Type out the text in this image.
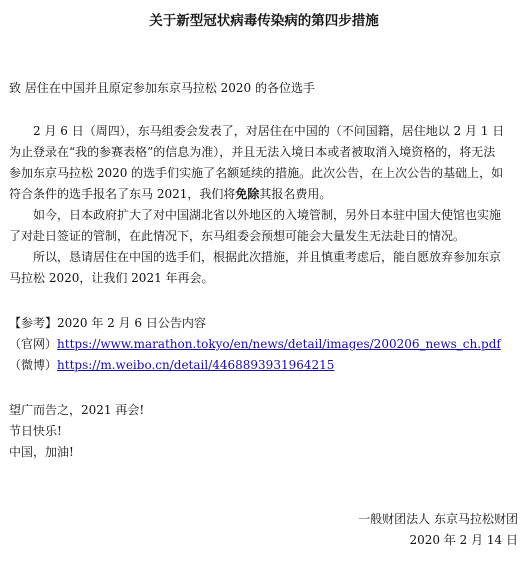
关于新型冠状病毒传染病的第四步措施
致 居住在中国并且原定参加东京马拉松 2020 的各位选手
2 月 6 日（周四），东马组委会发表了，对居住在中国的（不问国籍，居住地以 2 月 1 日
为止登录在“我的参赛表格”的信息为准），并且无法入境日本或者被取消入境资格的，将无法
参加东京马拉松 2020 的选手们实施了名额延续的措施。此次公告，在上次公告的基础上，如
符合条件的选手报名了东马 2021，我们将免除其报名费用。
如今，日本政府扩大了对中国湖北省以外地区的入境管制，另外日本驻中国大使馆也实施
了对赴日签证的管制，在此情况下，东马组委会预想可能会大量发生无法赴日的情况。
所以，恳请居住在中国的选手们，根据此次措施，并且慎重考虑后，能自愿放弃参加东京
马拉松 2020，让我们 2021 年再会。
【参考】2020 年 2 月 6 日公告内容
（官网）https://www.marathon.tokyo/en/news/detail/images/200206_news_ch.pdf
（微博）https://m.weibo.cn/detail/4468893931964215
望广而告之，2021 再会!
节日快乐!
中国，加油!
一般财团法人 东京马拉松财团
2020 年 2 月 14 日
